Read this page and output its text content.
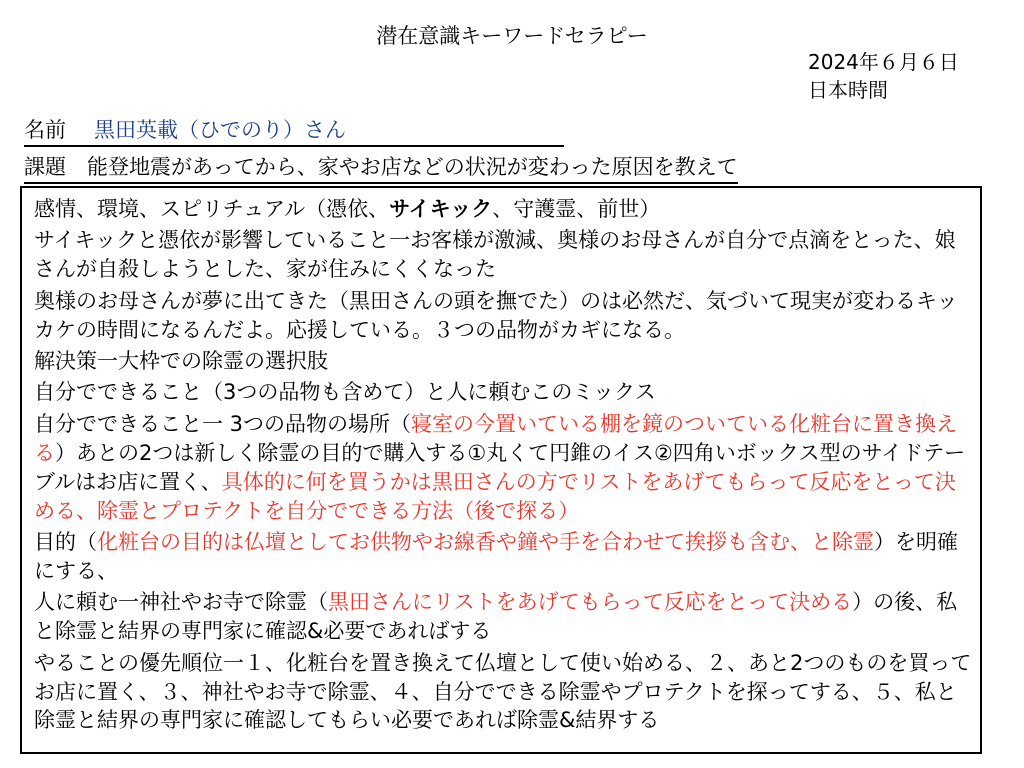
潜在意識キーワードセラピー
2024年６月６日
日本時間
名前 黒田英載（ひでのり）さん
課題　能登地震があってから、家やお店などの状況が変わった原因を教えて
感情、環境、スピリチュアル（憑依、サイキック、守護霊、前世）
サイキックと憑依が影響していること一お客様が激減、奥様のお母さんが自分で点滴をとった、娘さんが自殺しようとした、家が住みにくくなった
奥様のお母さんが夢に出てきた（黒田さんの頭を撫でた）のは必然だ、気づいて現実が変わるキッカケの時間になるんだよ。応援している。３つの品物がカギになる。
解決策一大枠での除霊の選択肢
自分でできること（3つの品物も含めて）と人に頼むこのミックス
自分でできること一 3つの品物の場所（寝室の今置いている棚を鏡のついている化粧台に置き換える）あとの2つは新しく除霊の目的で購入する①丸くて円錐のイス②四角いボックス型のサイドテーブルはお店に置く、具体的に何を買うかは黒田さんの方でリストをあげてもらって反応をとって決める、除霊とプロテクトを自分でできる方法（後で探る）
目的（化粧台の目的は仏壇としてお供物やお線香や鐘や手を合わせて挨拶も含む、と除霊）を明確にする、
人に頼む一神社やお寺で除霊（黒田さんにリストをあげてもらって反応をとって決める）の後、私と除霊と結界の専門家に確認&必要であればする
やることの優先順位一１、化粧台を置き換えて仏壇として使い始める、２、あと2つのものを買ってお店に置く、３、神社やお寺で除霊、４、自分でできる除霊やプロテクトを探ってする、５、私と除霊と結界の専門家に確認してもらい必要であれば除霊&結界する
